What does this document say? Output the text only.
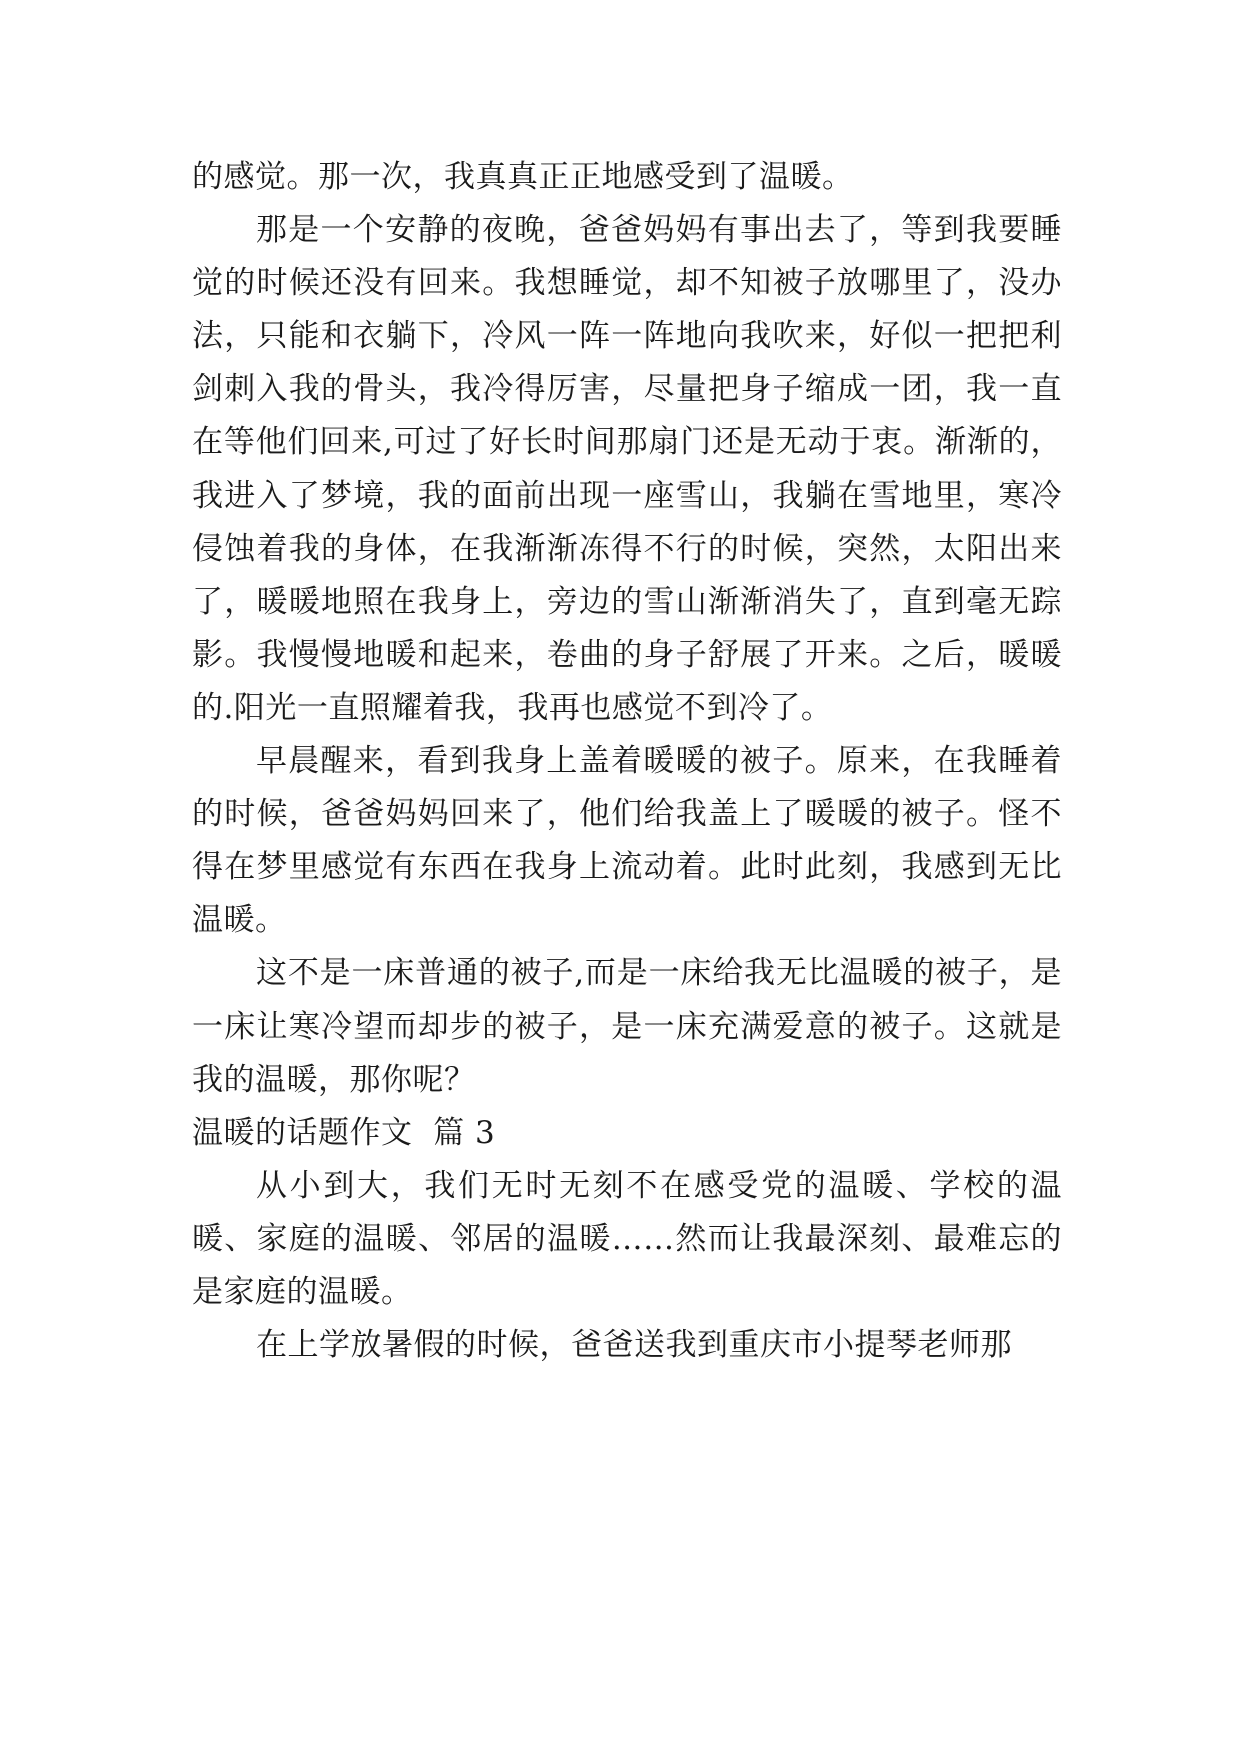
的感觉。那一次，我真真正正地感受到了温暖。

那是一个安静的夜晚，爸爸妈妈有事出去了，等到我要睡觉的时候还没有回来。我想睡觉，却不知被子放哪里了，没办法，只能和衣躺下，冷风一阵一阵地向我吹来，好似一把把利剑刺入我的骨头，我冷得厉害，尽量把身子缩成一团，我一直在等他们回来,可过了好长时间那扇门还是无动于衷。渐渐的，我进入了梦境，我的面前出现一座雪山，我躺在雪地里，寒冷侵蚀着我的身体，在我渐渐冻得不行的时候，突然，太阳出来了，暖暖地照在我身上，旁边的雪山渐渐消失了，直到毫无踪影。我慢慢地暖和起来，卷曲的身子舒展了开来。之后，暖暖的.阳光一直照耀着我，我再也感觉不到冷了。

早晨醒来，看到我身上盖着暖暖的被子。原来，在我睡着的时候，爸爸妈妈回来了，他们给我盖上了暖暖的被子。怪不得在梦里感觉有东西在我身上流动着。此时此刻，我感到无比温暖。

这不是一床普通的被子,而是一床给我无比温暖的被子，是一床让寒冷望而却步的被子，是一床充满爱意的被子。这就是我的温暖，那你呢？

温暖的话题作文  篇 3

从小到大，我们无时无刻不在感受党的温暖、学校的温暖、家庭的温暖、邻居的温暖……然而让我最深刻、最难忘的是家庭的温暖。

在上学放暑假的时候，爸爸送我到重庆市小提琴老师那
